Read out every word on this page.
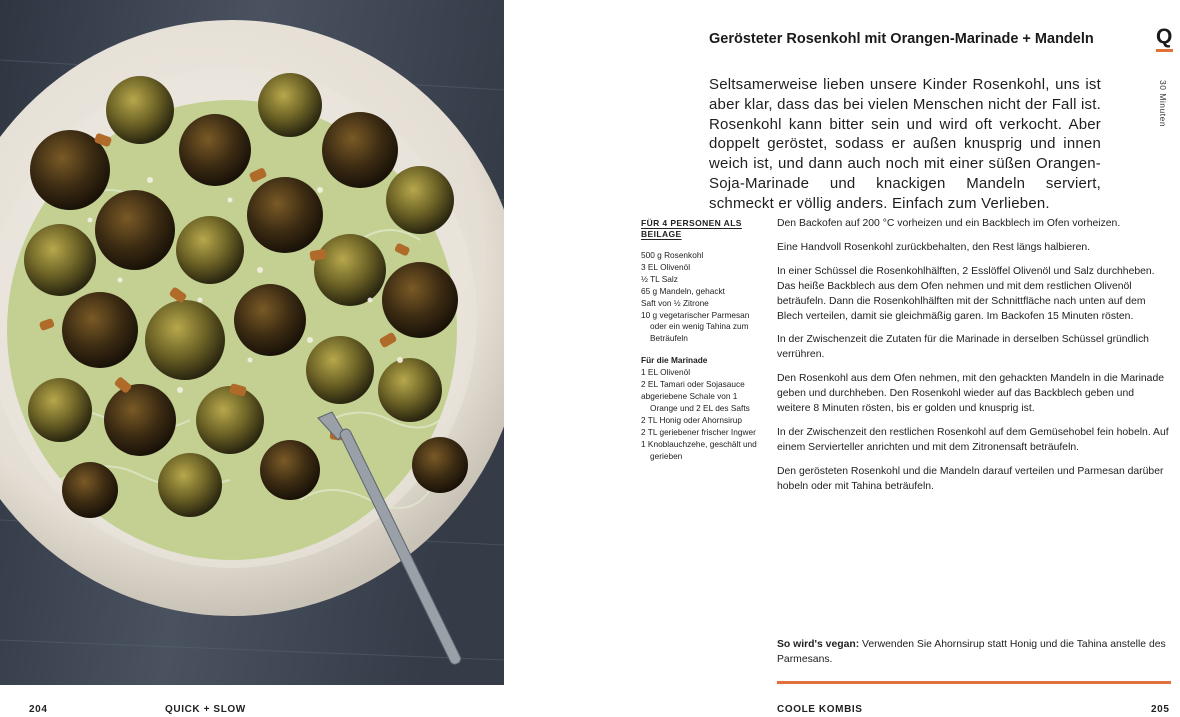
204	QUICK + SLOW
Gerösteter Rosenkohl mit Orangen-Marinade + Mandeln	Q
30 Minuten
Seltsamerweise lieben unsere Kinder Rosenkohl, uns ist aber klar, dass das bei vielen Menschen nicht der Fall ist. Rosenkohl kann bitter sein und wird oft verkocht. Aber doppelt geröstet, sodass er außen knusprig und innen weich ist, und dann auch noch mit einer süßen Orangen-Soja-Marinade und knackigen Mandeln serviert, schmeckt er völlig anders. Einfach zum Verlieben.
FÜR 4 PERSONEN ALS BEILAGE
500 g Rosenkohl
3 EL Olivenöl
½ TL Salz
65 g Mandeln, gehackt
Saft von ½ Zitrone
10 g vegetarischer Parmesan oder ein wenig Tahina zum Beträufeln
Für die Marinade
1 EL Olivenöl
2 EL Tamari oder Sojasauce
abgeriebene Schale von 1 Orange und 2 EL des Safts
2 TL Honig oder Ahornsirup
2 TL geriebener frischer Ingwer
1 Knoblauchzehe, geschält und gerieben

Den Backofen auf 200 °C vorheizen und ein Backblech im Ofen vorheizen.

Eine Handvoll Rosenkohl zurückbehalten, den Rest längs halbieren.

In einer Schüssel die Rosenkohlhälften, 2 Esslöffel Olivenöl und Salz durchheben. Das heiße Backblech aus dem Ofen nehmen und mit dem restlichen Olivenöl beträufeln. Dann die Rosenkohlhälften mit der Schnittfläche nach unten auf dem Blech verteilen, damit sie gleichmäßig garen. Im Backofen 15 Minuten rösten.

In der Zwischenzeit die Zutaten für die Marinade in derselben Schüssel gründlich verrühren.

Den Rosenkohl aus dem Ofen nehmen, mit den gehackten Mandeln in die Marinade geben und durchheben. Den Rosenkohl wieder auf das Backblech geben und weitere 8 Minuten rösten, bis er golden und knusprig ist.

In der Zwischenzeit den restlichen Rosenkohl auf dem Gemüsehobel fein hobeln. Auf einem Servierteller anrichten und mit dem Zitronensaft beträufeln.

Den gerösteten Rosenkohl und die Mandeln darauf verteilen und Parmesan darüber hobeln oder mit Tahina beträufeln.

So wird's vegan: Verwenden Sie Ahornsirup statt Honig und die Tahina anstelle des Parmesans.
COOLE KOMBIS	205
